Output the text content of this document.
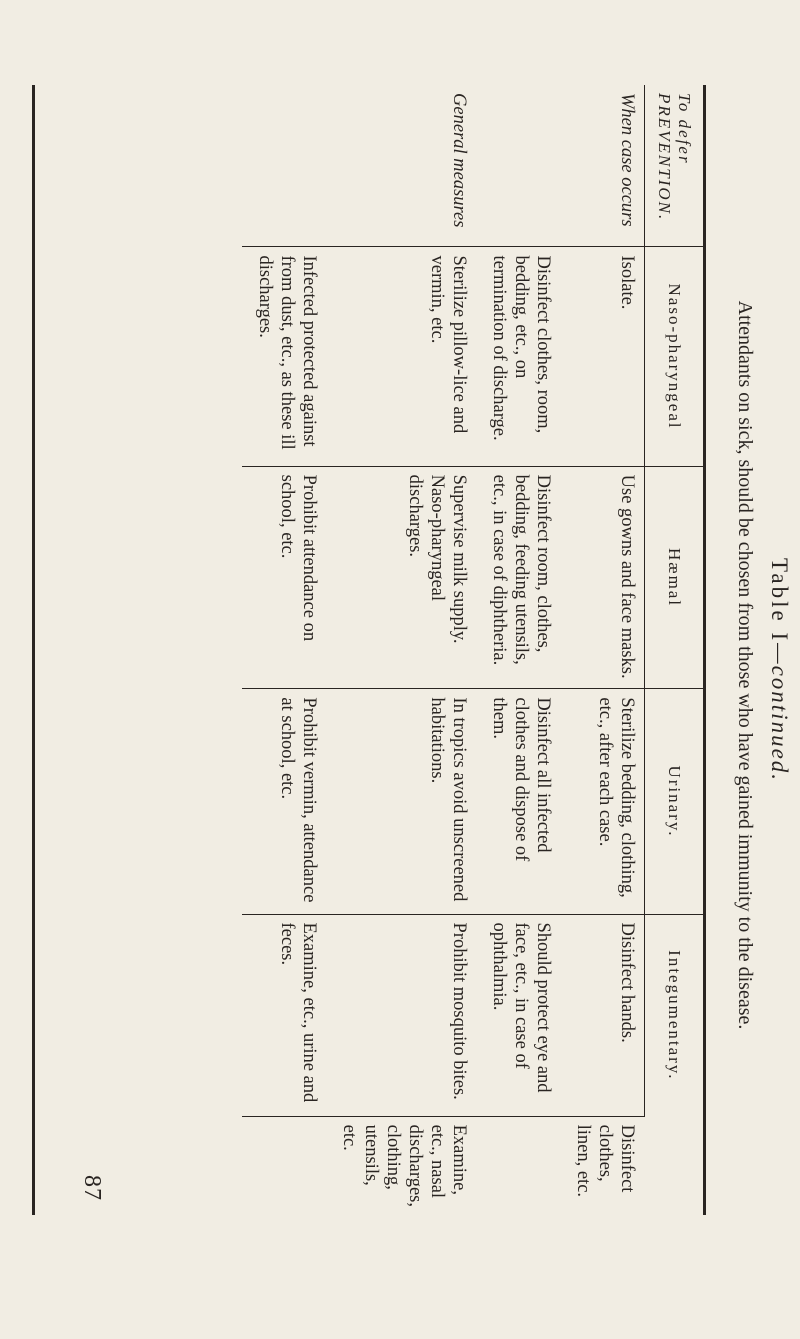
87
Table I—continued.
Attendants on sick, should be chosen from those who have gained immunity to the disease.
To defer
PREVENTION.	Naso-pharyngeal	Hæmal	Urinary.	Integumentary.	

When case occurs	Isolate.	Use gowns and face masks.	Sterilize bedding, clothing, etc., after each case.	Disinfect hands.	Disinfect clothes, linen, etc.
	Disinfect clothes, room, bedding, etc., on termination of discharge.	Disinfect room, clothes, bedding, feeding utensils, etc., in case of diphtheria.	Disinfect all infected clothes and dispose of them.	Should protect eye and face, etc., in case of ophthalmia.	
General measures	Sterilize pillow-lice and vermin, etc.	Supervise milk supply. Naso-pharyngeal discharges.	In tropics avoid unscreened habitations.	Prohibit mosquito bites.	Examine, etc., nasal discharges, clothing, utensils, etc.
	Infected protected against from dust, etc., as these ill discharges.	Prohibit attendance on school, etc.	Prohibit vermin, attendance at school, etc.	Examine, etc., urine and feces.	
